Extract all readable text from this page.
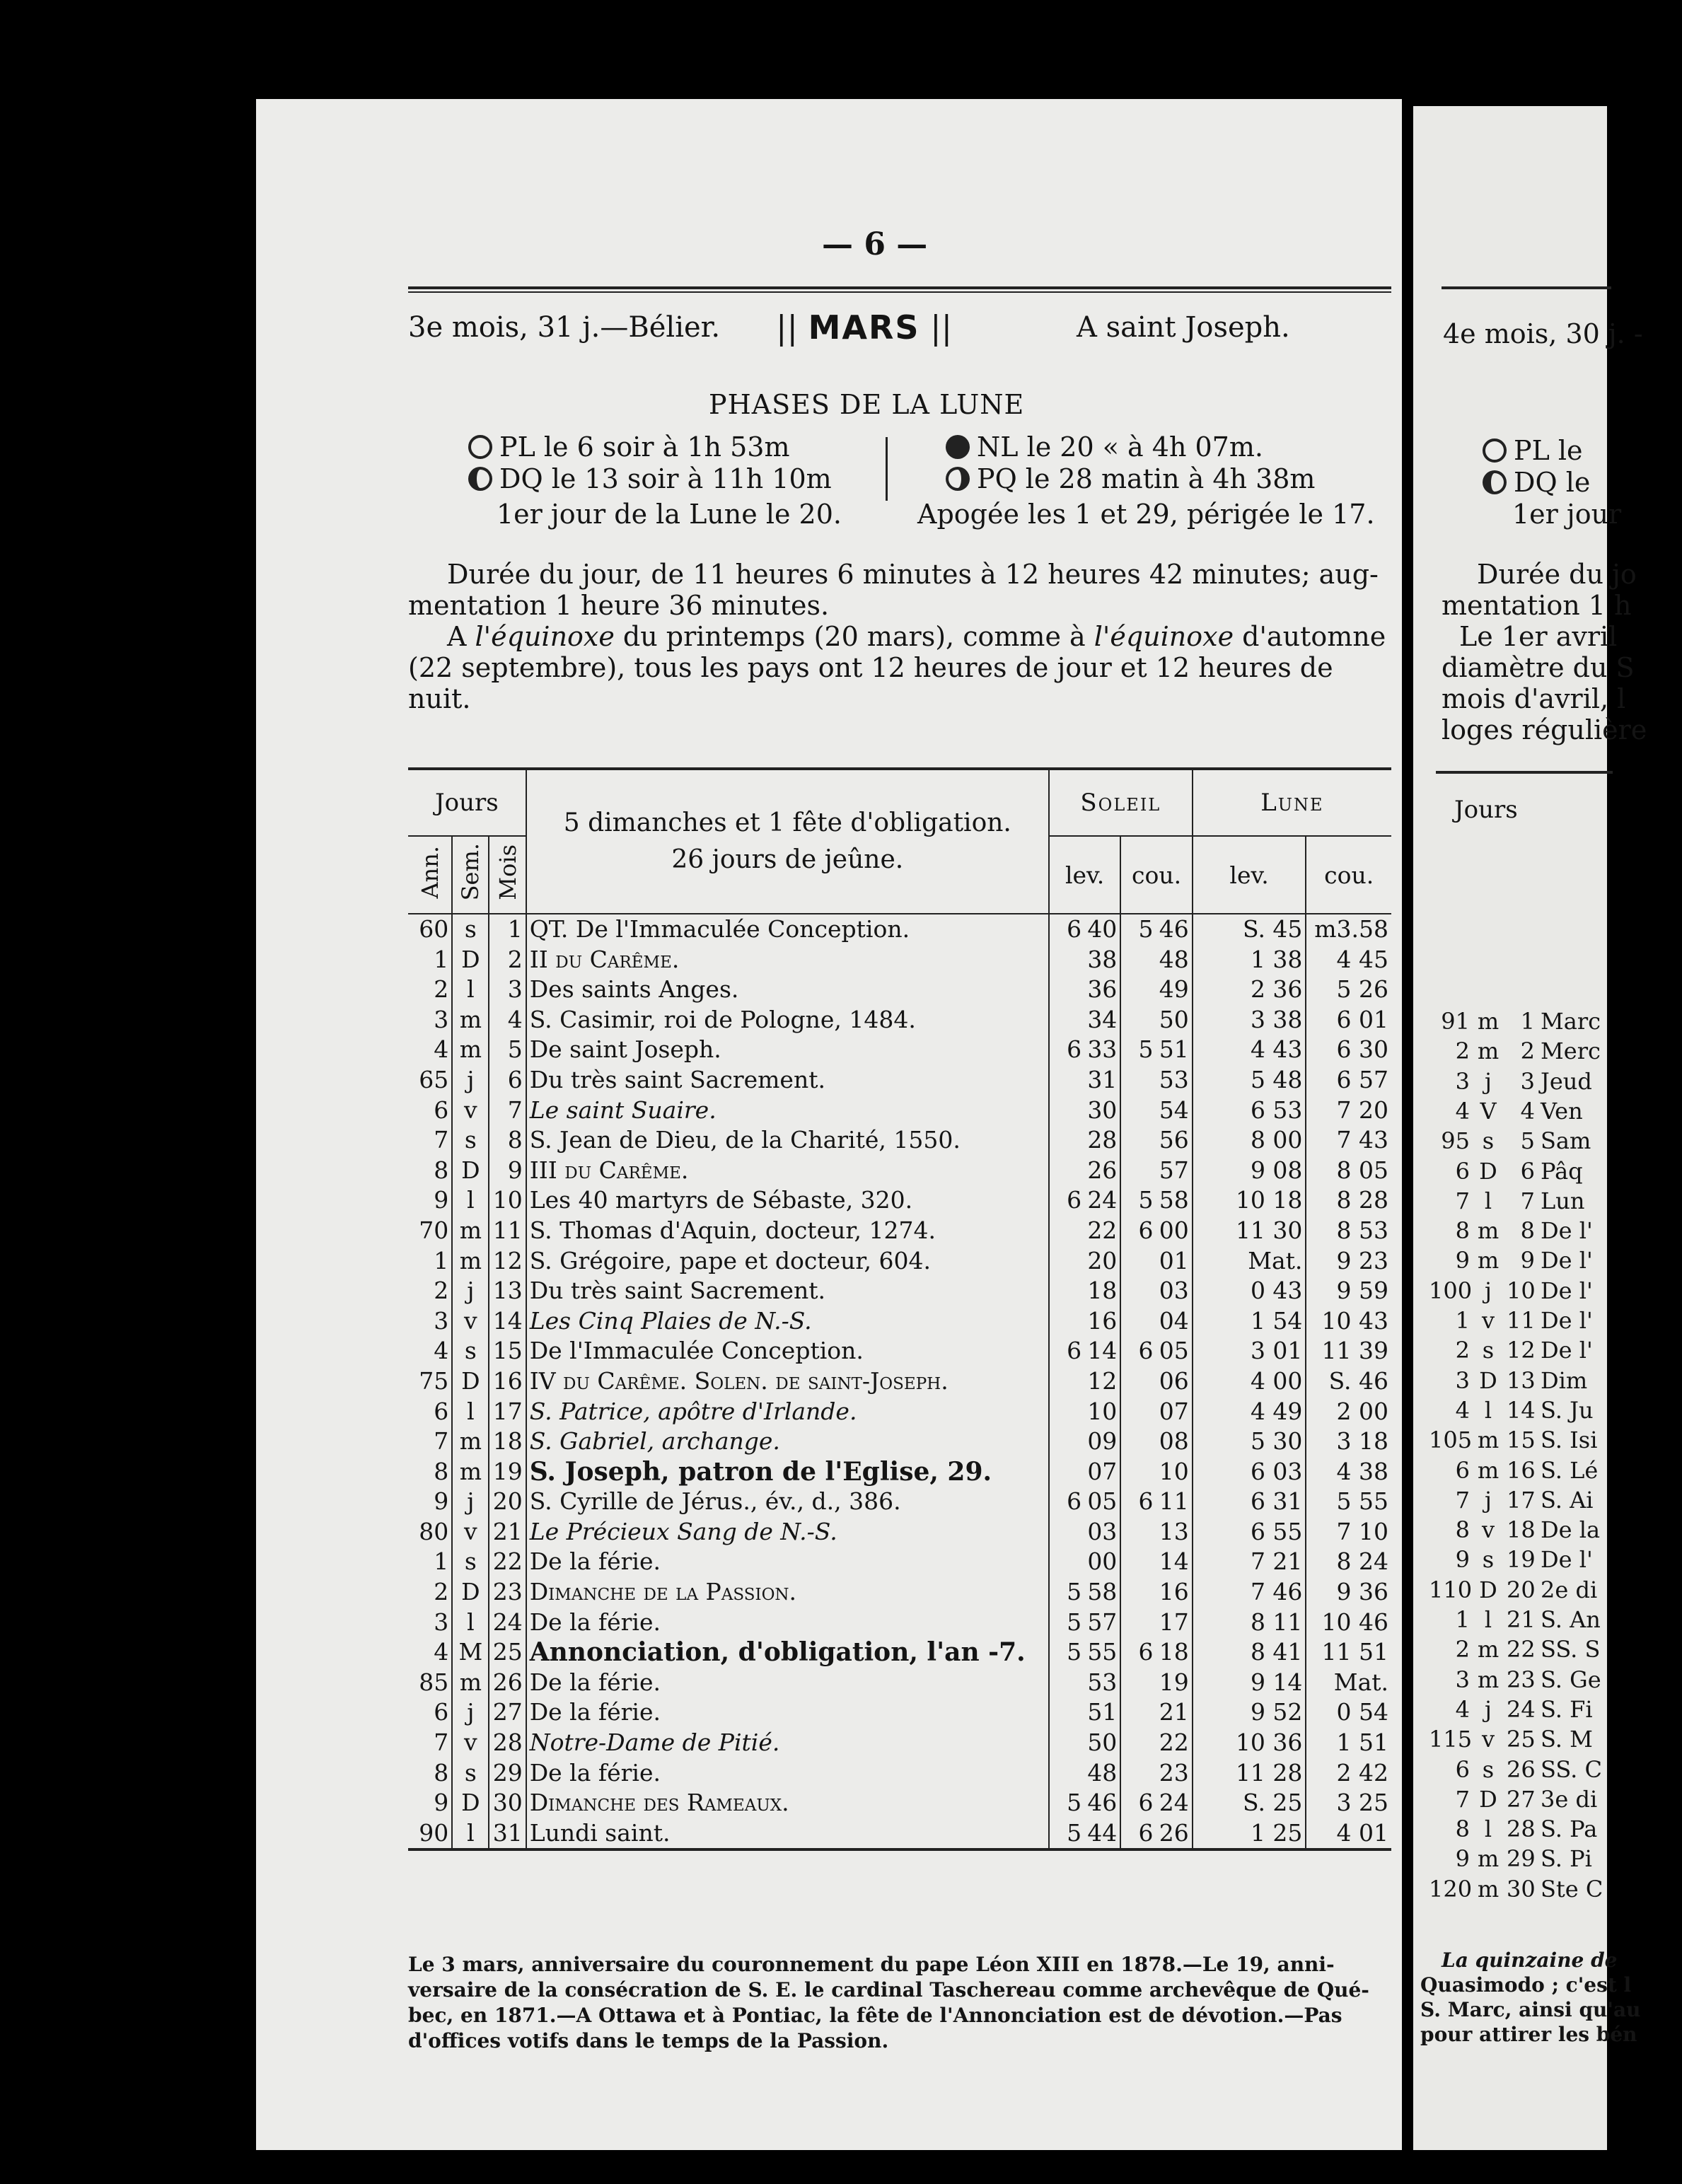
— 6 —
3e mois, 31 j.—Bélier. || MARS ||	A saint Joseph.
PHASES DE LA LUNE
PL le 6 soir à 1h 53m
DQ le 13 soir à 11h 10m
NL le 20 « à 4h 07m.
PQ le 28 matin à 4h 38m
1er jour de la Lune le 20.	Apogée les 1 et 29, périgée le 17.
Durée du jour, de 11 heures 6 minutes à 12 heures 42 minutes; aug-
mentation 1 heure 36 minutes.
A l'équinoxe du printemps (20 mars), comme à l'équinoxe d'automne
(22 septembre), tous les pays ont 12 heures de jour et 12 heures de
nuit.
Jours			5 dimanches et 1 fête d'obligation.
26 jours de jeûne.	Soleil				Lune	
Ann.	Sem.	Mois		lev.		cou.		lev.	cou.
60	s	1	QT. De l'Immaculée Conception.	6	40	5	46	S. 45	m3.58
1	D	2	II du Carême.		38		48	1 38	4 45
2	l	3	Des saints Anges.		36		49	2 36	5 26
3	m	4	S. Casimir, roi de Pologne, 1484.		34		50	3 38	6 01
4	m	5	De saint Joseph.	6	33	5	51	4 43	6 30
65	j	6	Du très saint Sacrement.		31		53	5 48	6 57
6	v	7	Le saint Suaire.		30		54	6 53	7 20
7	s	8	S. Jean de Dieu, de la Charité, 1550.		28		56	8 00	7 43
8	D	9	III du Carême.		26		57	9 08	8 05
9	l	10	Les 40 martyrs de Sébaste, 320.	6	24	5	58	10 18	8 28
70	m	11	S. Thomas d'Aquin, docteur, 1274.		22	6	00	11 30	8 53
1	m	12	S. Grégoire, pape et docteur, 604.		20		01	Mat.	9 23
2	j	13	Du très saint Sacrement.		18		03	0 43	9 59
3	v	14	Les Cinq Plaies de N.-S.		16		04	1 54	10 43
4	s	15	De l'Immaculée Conception.	6	14	6	05	3 01	11 39
75	D	16	IV du Carême. Solen. de saint-Joseph.		12		06	4 00	S. 46
6	l	17	S. Patrice, apôtre d'Irlande.		10		07	4 49	2 00
7	m	18	S. Gabriel, archange.		09		08	5 30	3 18
8	m	19	S. Joseph, patron de l'Eglise, 29.		07		10	6 03	4 38
9	j	20	S. Cyrille de Jérus., év., d., 386.	6	05	6	11	6 31	5 55
80	v	21	Le Précieux Sang de N.-S.		03		13	6 55	7 10
1	s	22	De la férie.		00		14	7 21	8 24
2	D	23	Dimanche de la Passion.	5	58		16	7 46	9 36
3	l	24	De la férie.	5	57		17	8 11	10 46
4	M	25	Annonciation, d'obligation, l'an -7.	5	55	6	18	8 41	11 51
85	m	26	De la férie.		53		19	9 14	Mat.
6	j	27	De la férie.		51		21	9 52	0 54
7	v	28	Notre-Dame de Pitié.		50		22	10 36	1 51
8	s	29	De la férie.		48		23	11 28	2 42
9	D	30	Dimanche des Rameaux.	5	46	6	24	S. 25	3 25
90	l	31	Lundi saint.	5	44	6	26	1 25	4 01
Le 3 mars, anniversaire du couronnement du pape Léon XIII en 1878.—Le 19, anni-
versaire de la consécration de S. E. le cardinal Taschereau comme archevêque de Qué-
bec, en 1871.—A Ottawa et à Pontiac, la fête de l'Annonciation est de dévotion.—Pas
d'offices votifs dans le temps de la Passion.
4e mois, 30 j. -
PL le
DQ le
1er jour
Durée du jo
mentation 1 h
Le 1er avril
diamètre du S
mois d'avril, l
loges régulière
Jours
91 m 1 Marc
2 m 2 Merc
3 j	3 Jeud
4 V	4 Ven
95 s	5 Sam
6 D	6 Pâq
7 l	7 Lun
8 m 8 De l'
9 m 9 De l'
100 j 10 De l'
1 v 11 De l'
2 s 12 De l'
3 D 13 Dim
4 l 14 S. Ju
105 m 15 S. Isi
6 m 16 S. Lé
7 j 17 S. Ai
8 v 18 De la
9 s 19 De l'
110 D 20 2e di
1 l 21 S. An
2 m 22 SS. S
3 m 23 S. Ge
4 j 24 S. Fi
115 v 25 S. M
6 s 26 SS. C
7 D 27 3e di
8 l 28 S. Pa
9 m 29 S. Pi
120 m 30 Ste C
La quinzaine de
Quasimodo ; c'est l
S. Marc, ainsi qu'au
pour attirer les bén
